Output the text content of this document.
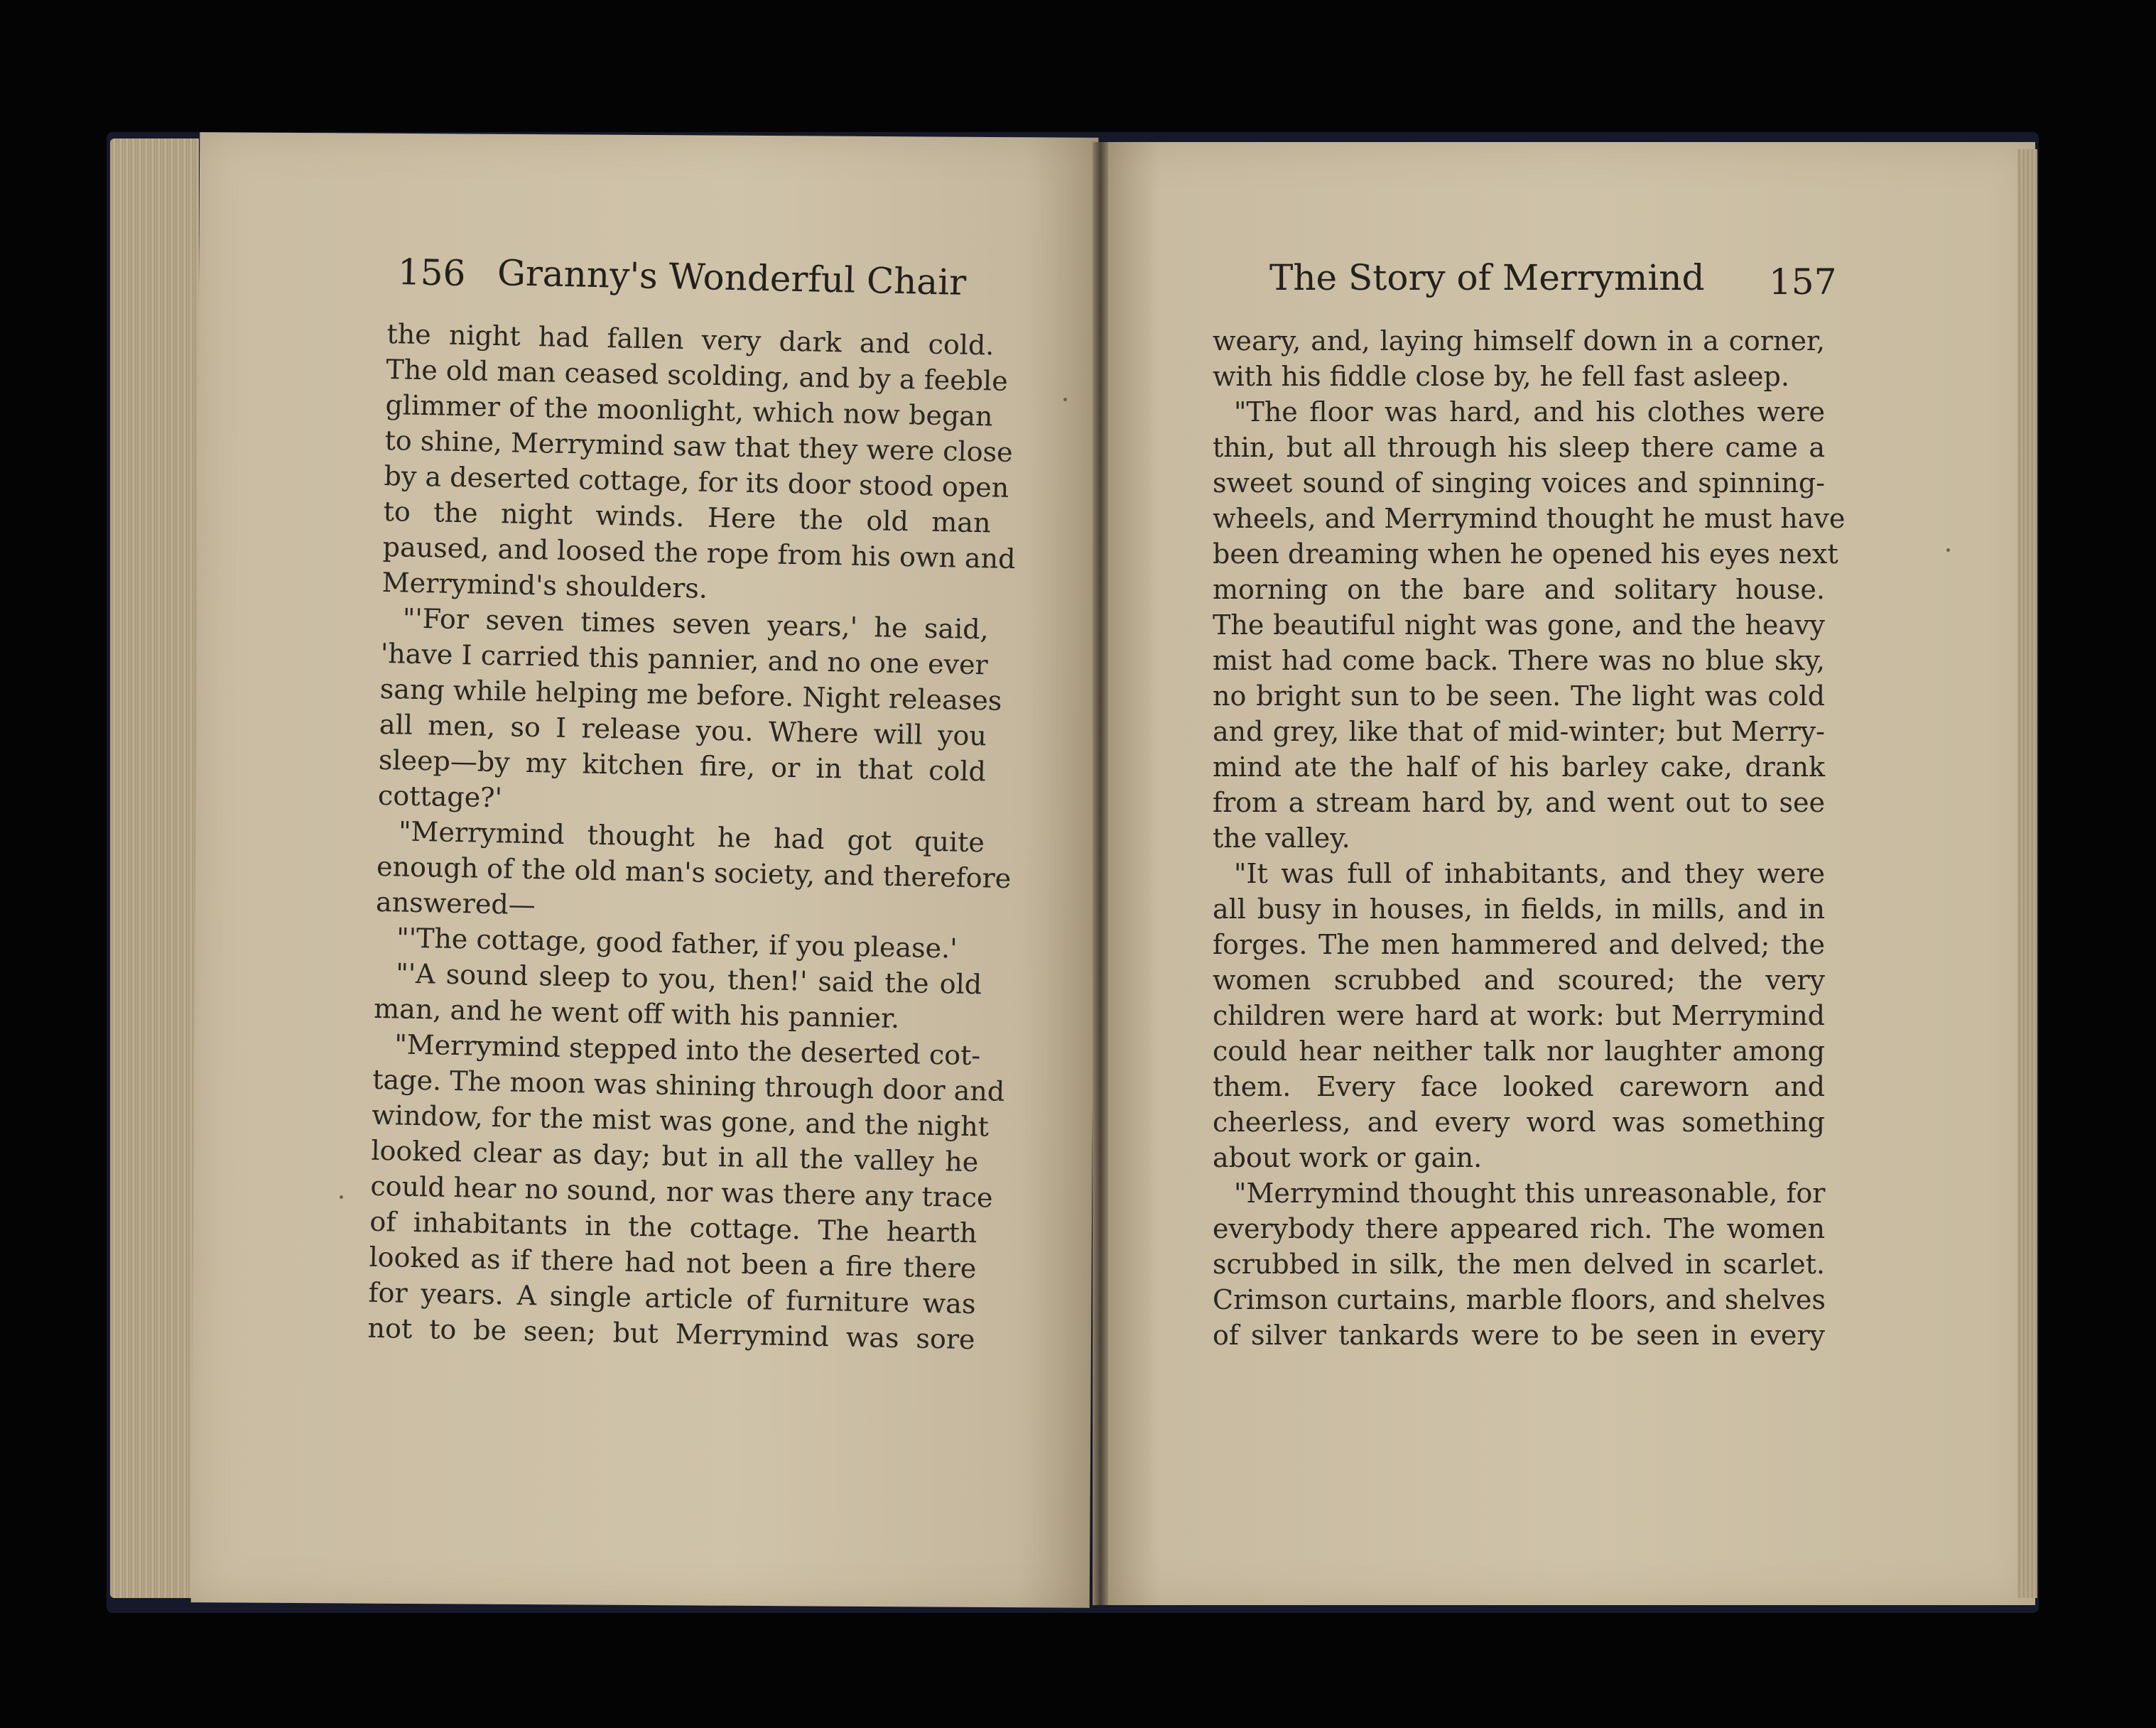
156 Granny's Wonderful Chair	The Story of Merrymind 157
the night had fallen very dark and cold.
The old man ceased scolding, and by a feeble
glimmer of the moonlight, which now began
to shine, Merrymind saw that they were close
by a deserted cottage, for its door stood open
to the night winds. Here the old man
paused, and loosed the rope from his own and
Merrymind's shoulders.
"'For seven times seven years,' he said,
'have I carried this pannier, and no one ever
sang while helping me before. Night releases
all men, so I release you. Where will you
sleep—by my kitchen fire, or in that cold
cottage?'
"Merrymind thought he had got quite
enough of the old man's society, and therefore
answered—
"'The cottage, good father, if you please.'
"'A sound sleep to you, then!' said the old
man, and he went off with his pannier.
"Merrymind stepped into the deserted cot-
tage. The moon was shining through door and
window, for the mist was gone, and the night
looked clear as day; but in all the valley he
could hear no sound, nor was there any trace
of inhabitants in the cottage. The hearth
looked as if there had not been a fire there
for years. A single article of furniture was
not to be seen; but Merrymind was sore
weary, and, laying himself down in a corner,
with his fiddle close by, he fell fast asleep.
"The floor was hard, and his clothes were
thin, but all through his sleep there came a
sweet sound of singing voices and spinning-
wheels, and Merrymind thought he must have
been dreaming when he opened his eyes next
morning on the bare and solitary house.
The beautiful night was gone, and the heavy
mist had come back. There was no blue sky,
no bright sun to be seen. The light was cold
and grey, like that of mid-winter; but Merry-
mind ate the half of his barley cake, drank
from a stream hard by, and went out to see
the valley.
"It was full of inhabitants, and they were
all busy in houses, in fields, in mills, and in
forges. The men hammered and delved; the
women scrubbed and scoured; the very
children were hard at work: but Merrymind
could hear neither talk nor laughter among
them. Every face looked careworn and
cheerless, and every word was something
about work or gain.
"Merrymind thought this unreasonable, for
everybody there appeared rich. The women
scrubbed in silk, the men delved in scarlet.
Crimson curtains, marble floors, and shelves
of silver tankards were to be seen in every
